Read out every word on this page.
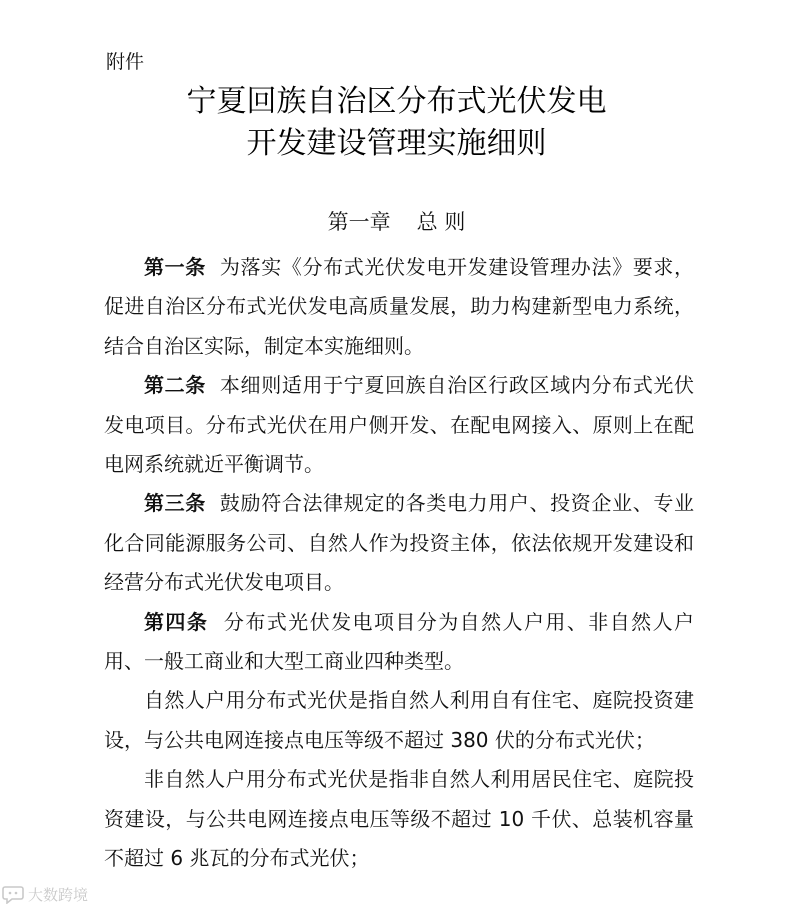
附件
宁夏回族自治区分布式光伏发电
开发建设管理实施细则
第一章 总 则

第一条 为落实《分布式光伏发电开发建设管理办法》要求，促进自治区分布式光伏发电高质量发展，助力构建新型电力系统，结合自治区实际，制定本实施细则。

第二条 本细则适用于宁夏回族自治区行政区域内分布式光伏发电项目。分布式光伏在用户侧开发、在配电网接入、原则上在配电网系统就近平衡调节。

第三条 鼓励符合法律规定的各类电力用户、投资企业、专业化合同能源服务公司、自然人作为投资主体，依法依规开发建设和经营分布式光伏发电项目。

第四条 分布式光伏发电项目分为自然人户用、非自然人户用、一般工商业和大型工商业四种类型。

自然人户用分布式光伏是指自然人利用自有住宅、庭院投资建设，与公共电网连接点电压等级不超过 380 伏的分布式光伏；

非自然人户用分布式光伏是指非自然人利用居民住宅、庭院投资建设，与公共电网连接点电压等级不超过 10 千伏、总装机容量不超过 6 兆瓦的分布式光伏；

大数跨境
